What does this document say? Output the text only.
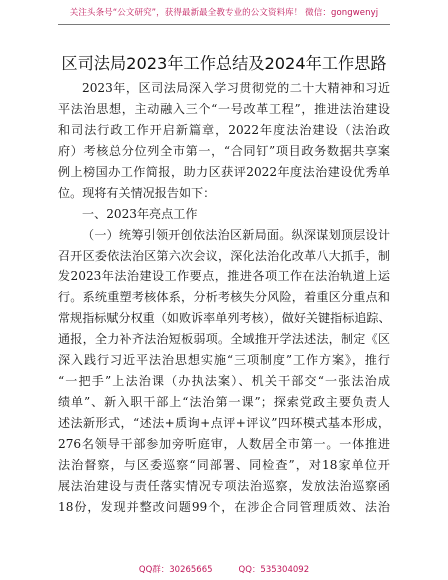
关注头条号“公文研究”，获得最新最全教专业的公文资料库！ 微信：gongwenyj
区司法局2023年工作总结及2024年工作思路
2023年，区司法局深入学习贯彻党的二十大精神和习近
平法治思想，主动融入三个“一号改革工程”，推进法治建设
和司法行政工作开启新篇章，2022年度法治建设（法治政
府）考核总分位列全市第一，“合同钉”项目政务数据共享案
例上榜国办工作简报，助力区获评2022年度法治建设优秀单
位。现将有关情况报告如下：
一、2023年亮点工作
（一）统筹引领开创依法治区新局面。纵深谋划顶层设计
召开区委依法治区第六次会议，深化法治化改革八大抓手，制
发2023年法治建设工作要点，推进各项工作在法治轨道上运
行。系统重塑考核体系，分析考核失分风险，着重区分重点和
常规指标赋分权重（如败诉率单列考核），做好关键指标追踪、
通报，全力补齐法治短板弱项。全域推开学法述法，制定《区
深入践行习近平法治思想实施“三项制度”工作方案》，推行
“一把手”上法治课（办执法案）、机关干部交“一张法治成
绩单”、新入职干部上“法治第一课”；探索党政主要负责人
述法新形式，“述法+质询+点评+评议”四环模式基本形成，
276名领导干部参加旁听庭审，人数居全市第一。一体推进
法治督察，与区委巡察“同部署、同检查”，对18家单位开
展法治建设与责任落实情况专项法治巡察，发放法治巡察函
18份，发现并整改问题99个，在涉企合同管理质效、法治
QQ群：30265665	QQ：535304092
